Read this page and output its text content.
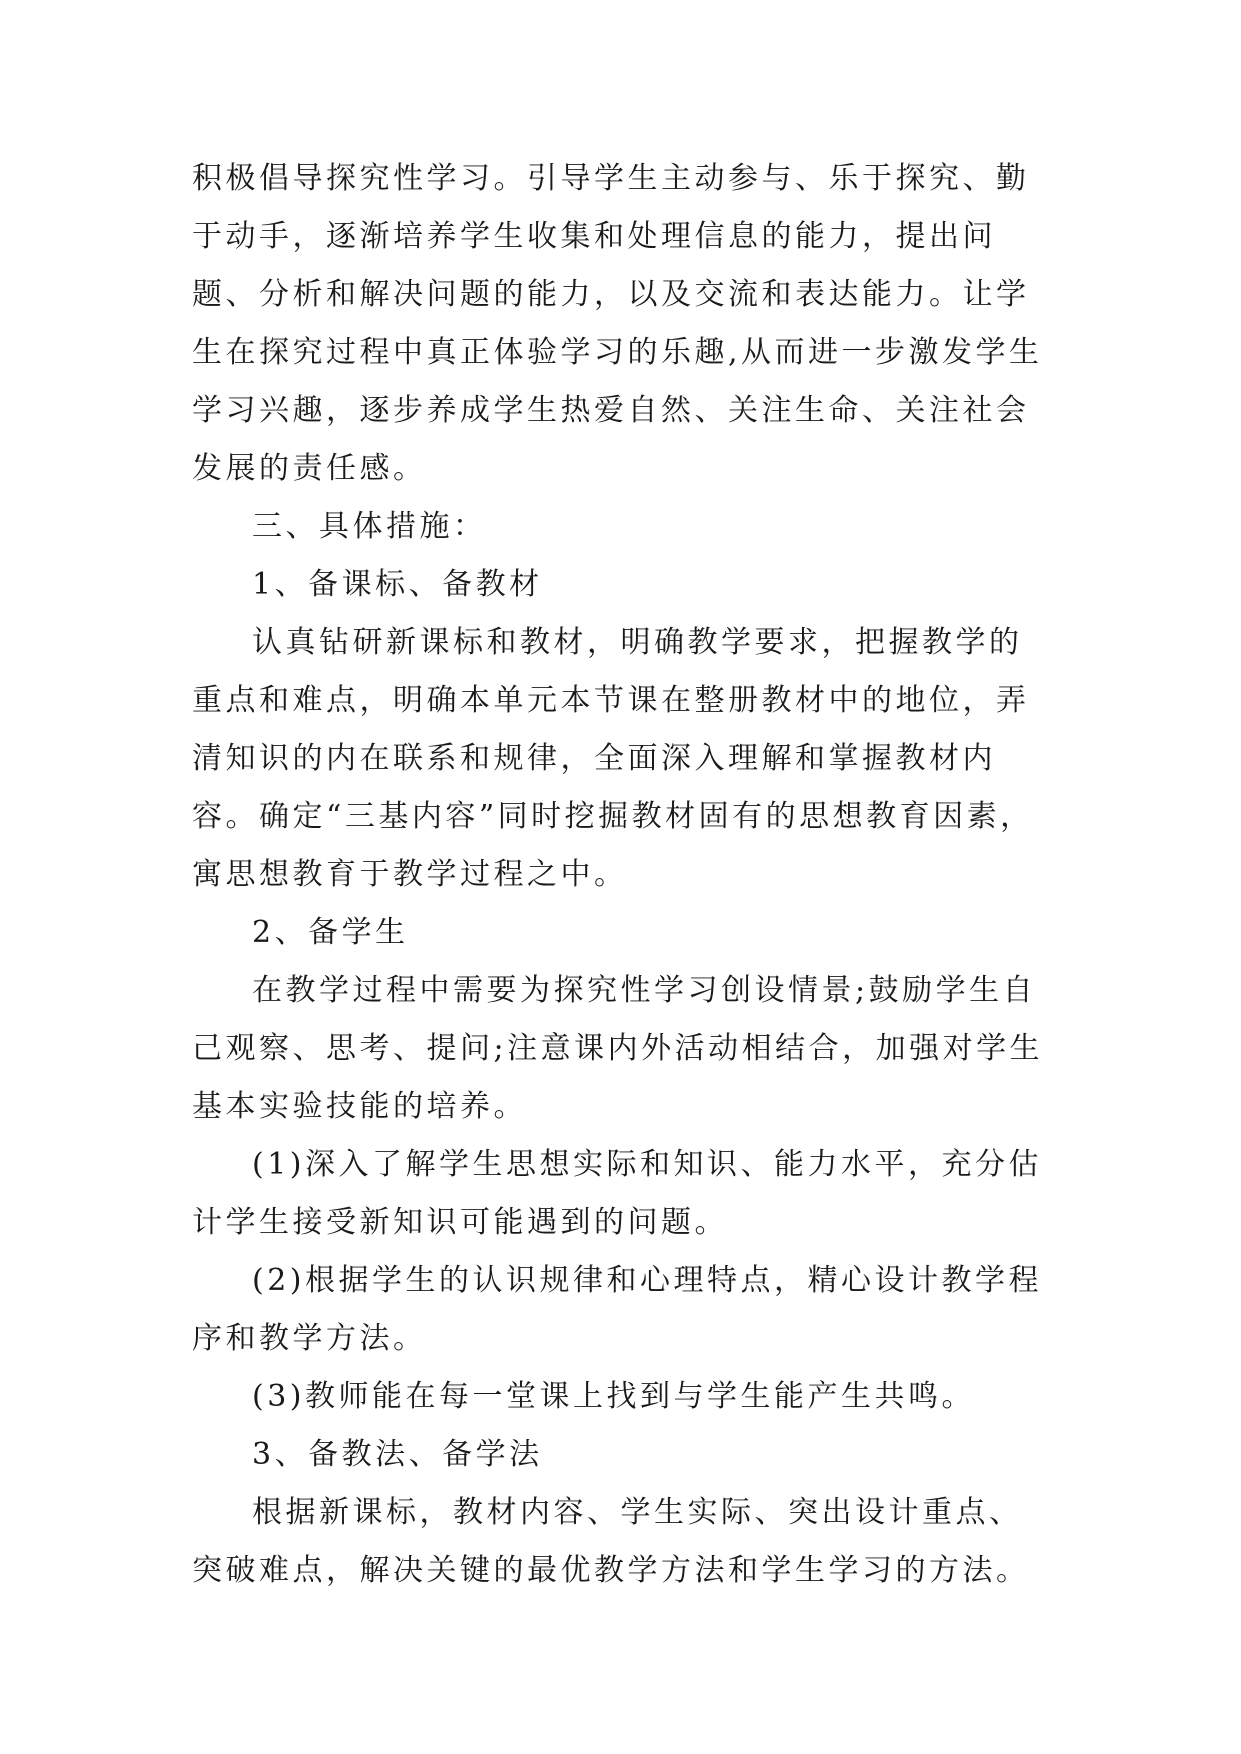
积极倡导探究性学习。引导学生主动参与、乐于探究、勤于动手，逐渐培养学生收集和处理信息的能力，提出问题、分析和解决问题的能力，以及交流和表达能力。让学生在探究过程中真正体验学习的乐趣,从而进一步激发学生学习兴趣，逐步养成学生热爱自然、关注生命、关注社会发展的责任感。

三、具体措施：

1、备课标、备教材

认真钻研新课标和教材，明确教学要求，把握教学的重点和难点，明确本单元本节课在整册教材中的地位，弄清知识的内在联系和规律，全面深入理解和掌握教材内容。确定“三基内容”同时挖掘教材固有的思想教育因素，寓思想教育于教学过程之中。

2、备学生

在教学过程中需要为探究性学习创设情景;鼓励学生自己观察、思考、提问;注意课内外活动相结合，加强对学生基本实验技能的培养。

(1)深入了解学生思想实际和知识、能力水平，充分估计学生接受新知识可能遇到的问题。

(2)根据学生的认识规律和心理特点，精心设计教学程序和教学方法。

(3)教师能在每一堂课上找到与学生能产生共鸣。

3、备教法、备学法

根据新课标，教材内容、学生实际、突出设计重点、突破难点，解决关键的最优教学方法和学生学习的方法。
